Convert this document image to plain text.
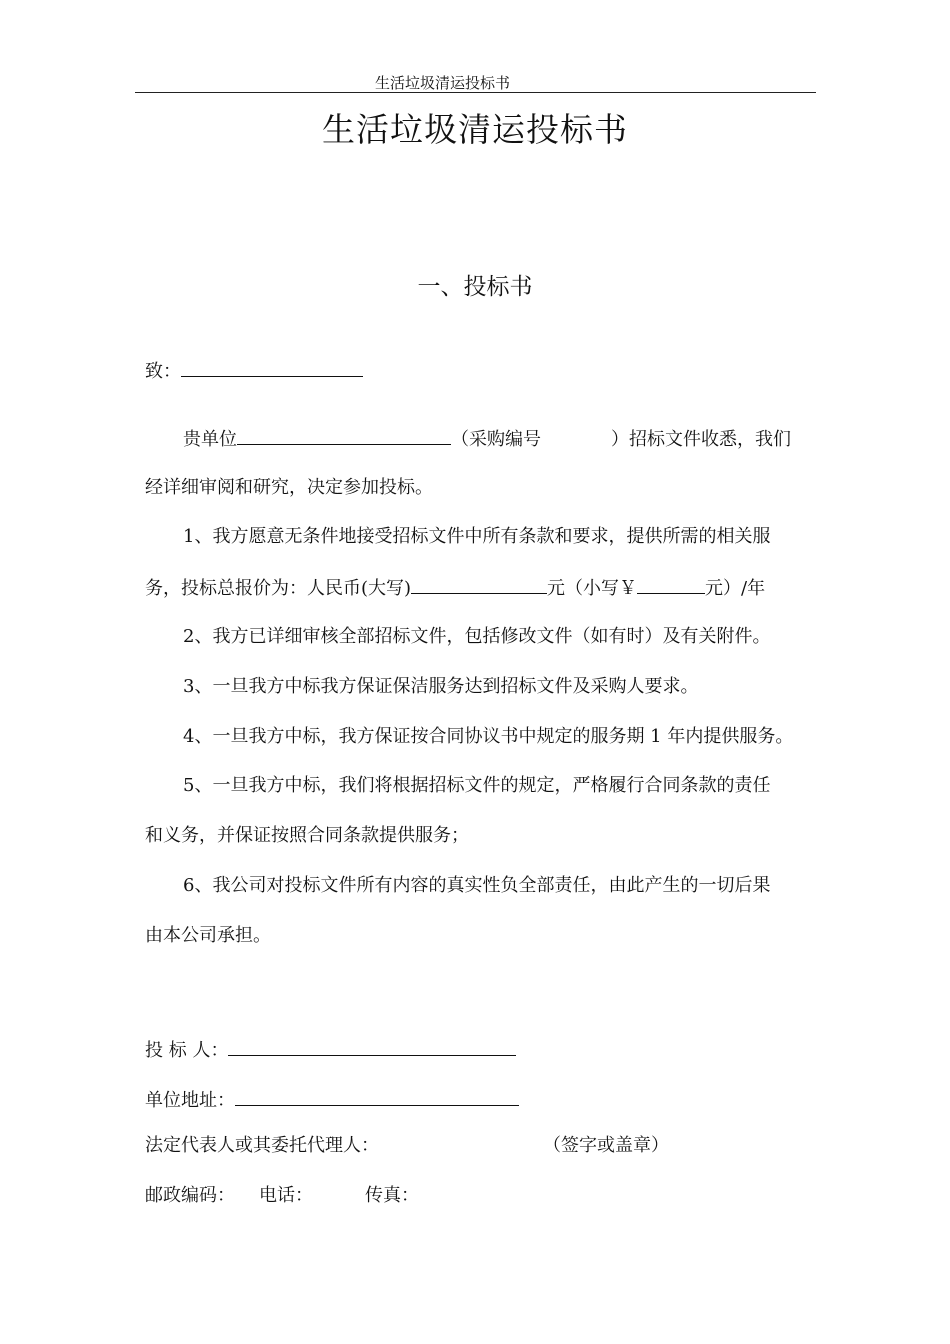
生活垃圾清运投标书
生活垃圾清运投标书
一、投标书
致：
贵单位	（采购编号	）招标文件收悉，我们
经详细审阅和研究，决定参加投标。
1、我方愿意无条件地接受招标文件中所有条款和要求，提供所需的相关服
务，投标总报价为：人民币(大写)	元（小写￥	元）/年
2、我方已详细审核全部招标文件，包括修改文件（如有时）及有关附件。
3、一旦我方中标我方保证保洁服务达到招标文件及采购人要求。
4、一旦我方中标，我方保证按合同协议书中规定的服务期 1 年内提供服务。
5、一旦我方中标，我们将根据招标文件的规定，严格履行合同条款的责任
和义务，并保证按照合同条款提供服务；
6、我公司对投标文件所有内容的真实性负全部责任，由此产生的一切后果
由本公司承担。
投 标 人：
单位地址：
法定代表人或其委托代理人：	（签字或盖章）
邮政编码： 电话：	传真：
